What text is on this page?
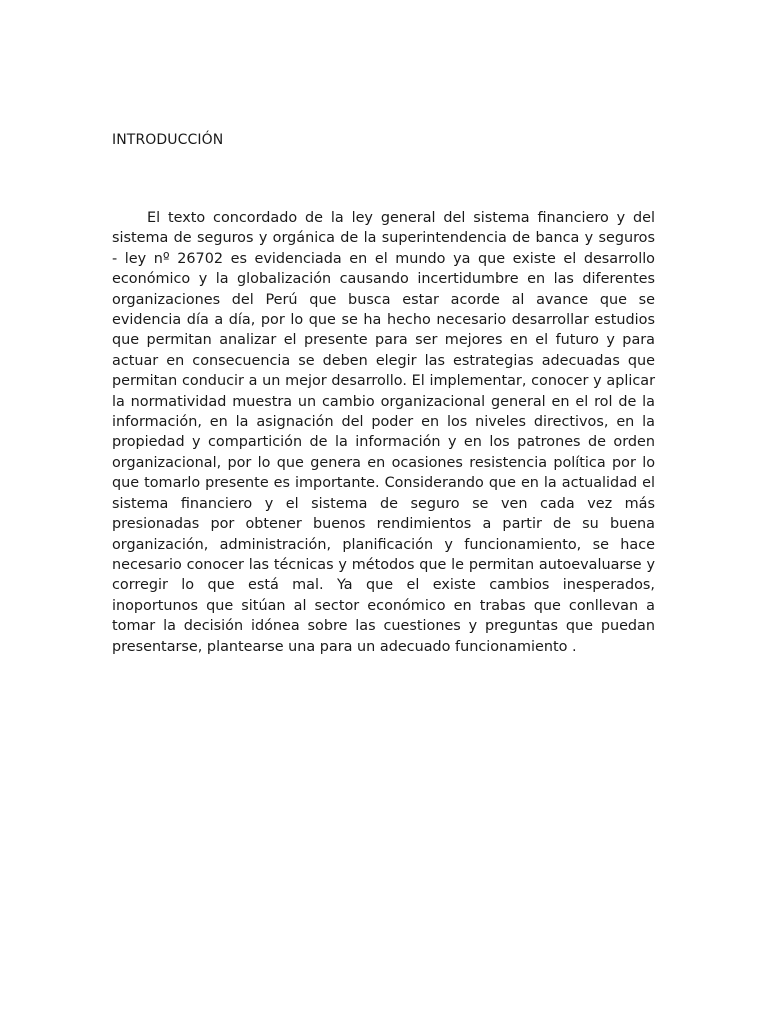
INTRODUCCIÓN

El texto concordado de la ley general del sistema financiero y del sistema de seguros y orgánica de la superintendencia de banca y seguros - ley nº 26702 es evidenciada en el mundo ya que existe el desarrollo económico y la globalización causando incertidumbre en las diferentes organizaciones del Perú que busca estar acorde al avance que se evidencia día a día, por lo que se ha hecho necesario desarrollar estudios que permitan analizar el presente para ser mejores en el futuro y para actuar en consecuencia se deben elegir las estrategias adecuadas que permitan conducir a un mejor desarrollo. El implementar, conocer y aplicar la normatividad muestra un cambio organizacional general en el rol de la información, en la asignación del poder en los niveles directivos, en la propiedad y compartición de la información y en los patrones de orden organizacional, por lo que genera en ocasiones resistencia política por lo que tomarlo presente es importante. Considerando que en la actualidad el sistema financiero y el sistema de seguro se ven cada vez más presionadas por obtener buenos rendimientos a partir de su buena organización, administración, planificación y funcionamiento, se hace necesario conocer las técnicas y métodos que le permitan autoevaluarse y corregir lo que está mal. Ya que el existe cambios inesperados, inoportunos que sitúan al sector económico en trabas que conllevan a tomar la decisión idónea sobre las cuestiones y preguntas que puedan presentarse, plantearse una para un adecuado funcionamiento .
